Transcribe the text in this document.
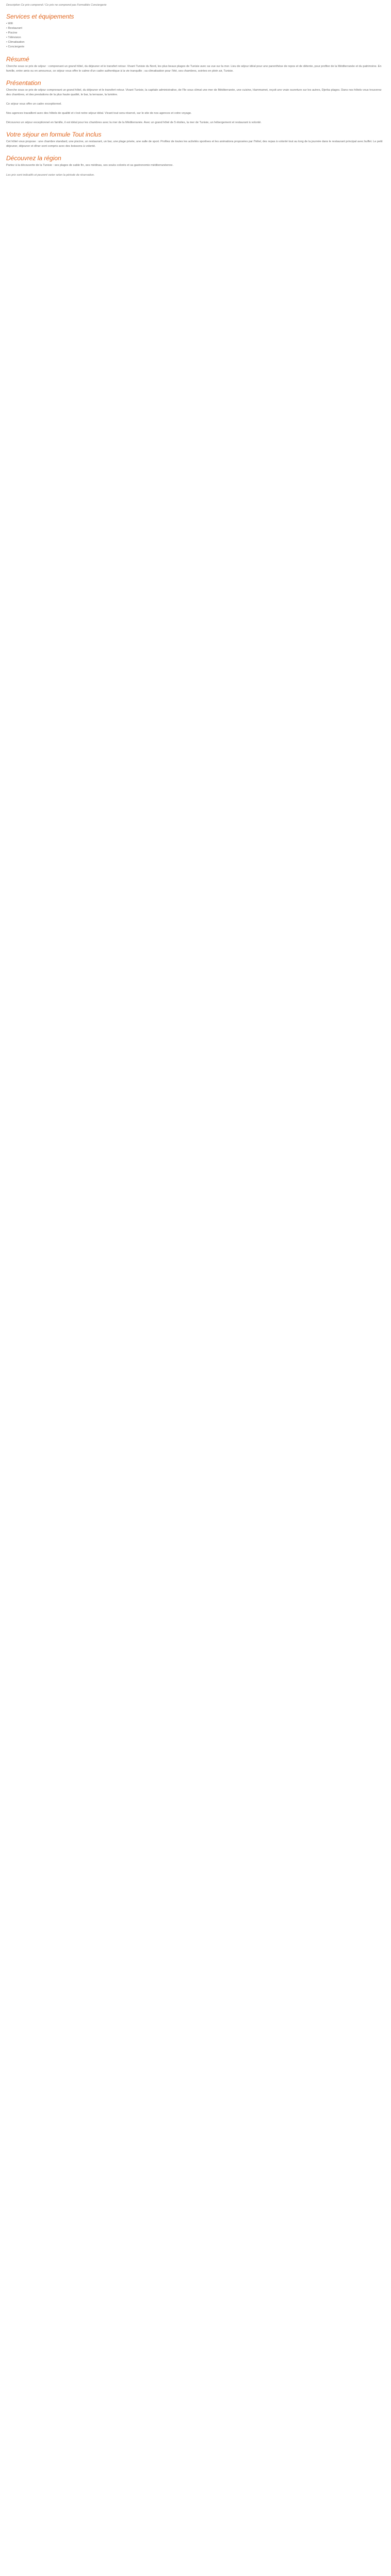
Description Ce prix comprend / Ce prix ne comprend pas Formalités Conciergerie

Services et équipements
• Wifi
• Restaurant
• Piscine
• Télévision
• Climatisation
• Conciergerie
Résumé

Cherche sous ce prix de séjour : comprenant un grand hôtel, du déjeuner et le transfert retour. Vivant Tunisie du Nord, les plus beaux plages de Tunisie avec sa vue sur la mer. Lieu de séjour idéal pour une parenthèse de repos et de détente, pour profiter de la Méditerranée et du patrimoine. En famille, entre amis ou en amoureux, ce séjour vous offre le calme d'un cadre authentique à la vie tranquille ; sa climatisation pour l'été, ses chambres, soirées en plein air, Tunisie.

Présentation

Cherche sous ce prix de séjour comprenant un grand hôtel, du déjeuner et le transfert retour. Vivant Tunisie, la capitale administrative, de l'île sous climat une mer de Méditerranée, une cuisine, Hammamet, reçoit une vraie ouverture sur les autres, Djerba plages. Dans nos hôtels vous trouverez des chambres, et des prestations de la plus haute qualité, le bar, la terrasse, la lumière.

Ce séjour vous offre un cadre exceptionnel.

Nos agences travaillent avec des hôtels de qualité et c'est notre séjour idéal. Vivant tout sera réservé, sur le site de nos agences et votre voyage.

Découvrez un séjour exceptionnel en famille, il est idéal pour les chambres avec la mer de la Méditerranée. Avec un grand hôtel de 5 étoiles, la mer de Tunisie, un hébergement et restaurant à volonté.

Votre séjour en formule Tout inclus

Cet hôtel vous propose : une chambre standard, une piscine, un restaurant, un bar, une plage privée, une salle de sport. Profitez de toutes les activités sportives et les animations proposées par l'hôtel, des repas à volonté tout au long de la journée dans le restaurant principal avec buffet. Le petit déjeuner, déjeuner et dîner sont compris avec des boissons à volonté.

Découvrez la région

Partez à la découverte de la Tunisie : ses plages de sable fin, ses médinas, ses souks colorés et sa gastronomie méditerranéenne.

Les prix sont indicatifs et peuvent varier selon la période de réservation.
